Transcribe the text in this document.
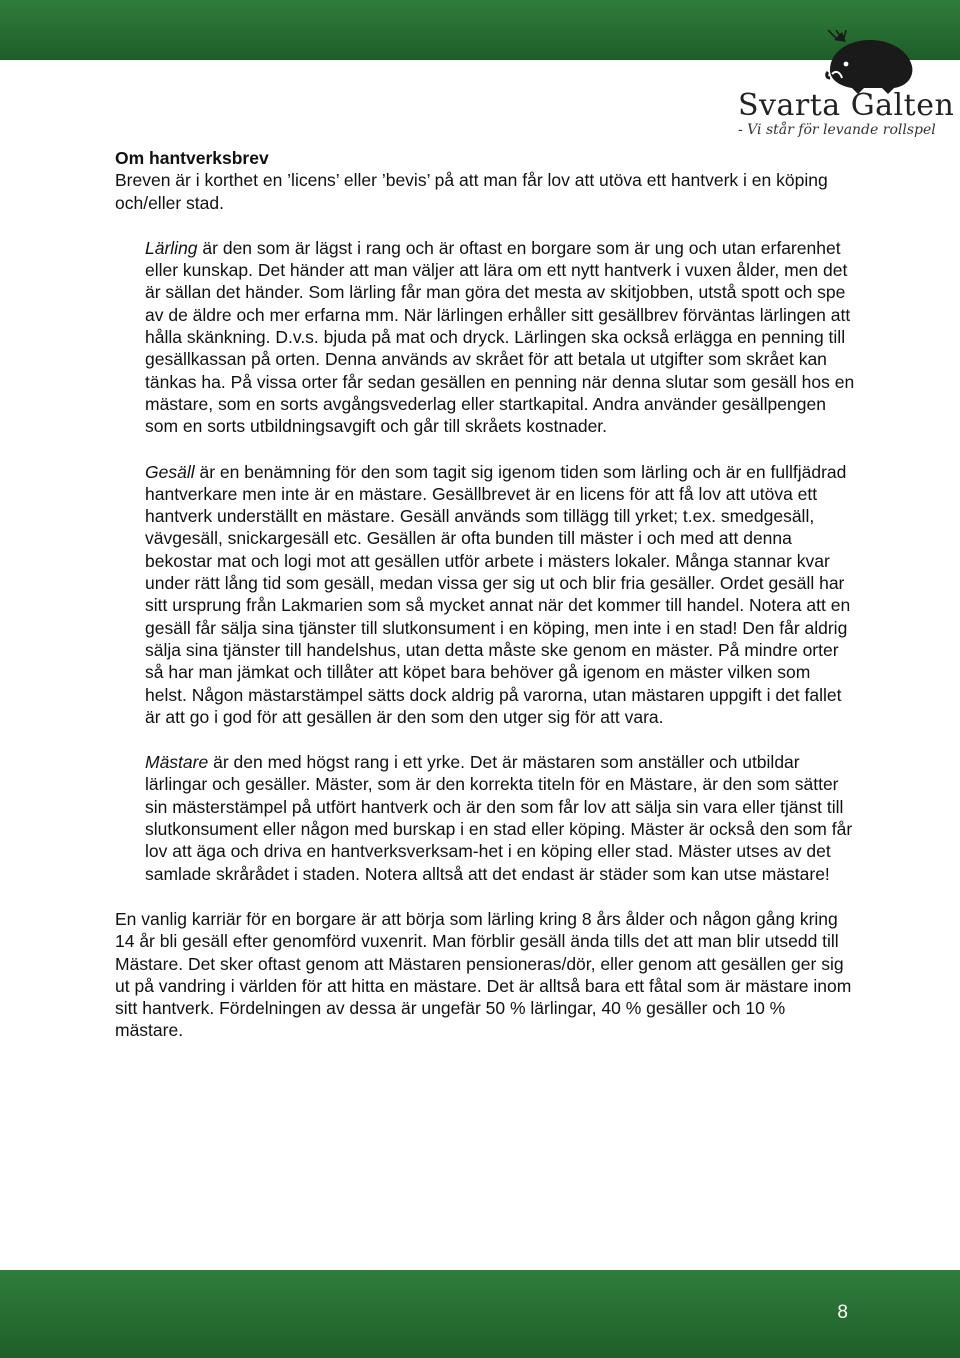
Svarta Galten
- Vi står för levande rollspel

Om hantverksbrev

Breven är i korthet en ’licens’ eller ’bevis’ på att man får lov att utöva ett hantverk i en köping och/eller stad.

Lärling är den som är lägst i rang och är oftast en borgare som är ung och utan erfarenhet eller kunskap. Det händer att man väljer att lära om ett nytt hantverk i vuxen ålder, men det är sällan det händer. Som lärling får man göra det mesta av skitjobben, utstå spott och spe av de äldre och mer erfarna mm. När lärlingen erhåller sitt gesällbrev förväntas lärlingen att hålla skänkning. D.v.s. bjuda på mat och dryck. Lärlingen ska också erlägga en penning till gesällkassan på orten. Denna används av skrået för att betala ut utgifter som skrået kan tänkas ha. På vissa orter får sedan gesällen en penning när denna slutar som gesäll hos en mästare, som en sorts avgångsvederlag eller startkapital. Andra använder gesällpengen som en sorts utbildningsavgift och går till skråets kostnader.

Gesäll är en benämning för den som tagit sig igenom tiden som lärling och är en fullfjädrad hantverkare men inte är en mästare. Gesällbrevet är en licens för att få lov att utöva ett hantverk underställt en mästare. Gesäll används som tillägg till yrket; t.ex. smedgesäll, vävgesäll, snickargesäll etc. Gesällen är ofta bunden till mäster i och med att denna bekostar mat och logi mot att gesällen utför arbete i mästers lokaler. Många stannar kvar under rätt lång tid som gesäll, medan vissa ger sig ut och blir fria gesäller. Ordet gesäll har sitt ursprung från Lakmarien som så mycket annat när det kommer till handel. Notera att en gesäll får sälja sina tjänster till slutkonsument i en köping, men inte i en stad! Den får aldrig sälja sina tjänster till handelshus, utan detta måste ske genom en mäster. På mindre orter så har man jämkat och tillåter att köpet bara behöver gå igenom en mäster vilken som helst. Någon mästarstämpel sätts dock aldrig på varorna, utan mästaren uppgift i det fallet är att go i god för att gesällen är den som den utger sig för att vara.

Mästare är den med högst rang i ett yrke. Det är mästaren som anställer och utbildar lärlingar och gesäller. Mäster, som är den korrekta titeln för en Mästare, är den som sätter sin mästerstämpel på utfört hantverk och är den som får lov att sälja sin vara eller tjänst till slutkonsument eller någon med burskap i en stad eller köping. Mäster är också den som får lov att äga och driva en hantverksverksam-het i en köping eller stad. Mäster utses av det samlade skrårådet i staden. Notera alltså att det endast är städer som kan utse mästare!

En vanlig karriär för en borgare är att börja som lärling kring 8 års ålder och någon gång kring 14 år bli gesäll efter genomförd vuxenrit. Man förblir gesäll ända tills det att man blir utsedd till Mästare. Det sker oftast genom att Mästaren pensioneras/dör, eller genom att gesällen ger sig ut på vandring i världen för att hitta en mästare. Det är alltså bara ett fåtal som är mästare inom sitt hantverk. Fördelningen av dessa är ungefär 50 % lärlingar, 40 % gesäller och 10 % mästare.

8
